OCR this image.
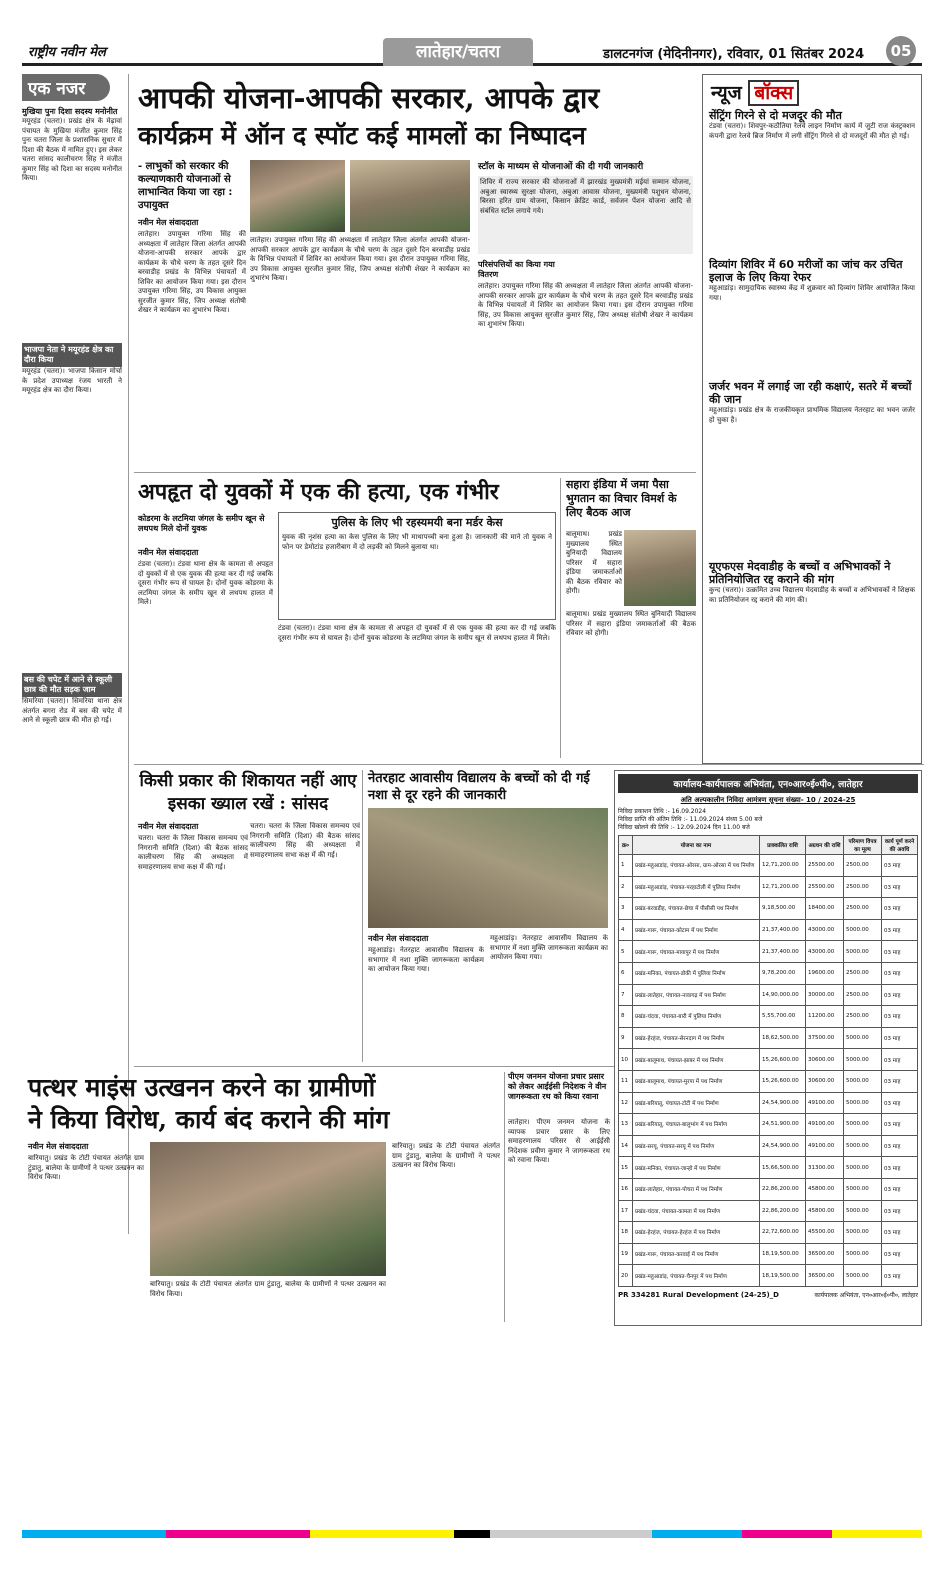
राष्ट्रीय नवीन मेल	लातेहार/चतरा	डालटनगंज (मेदिनीनगर), रविवार, 01 सितंबर 2024	05
एक नजर
मुखिया पुनः दिशा सदस्य मनोनीत
मयूरहंड (चतरा)। प्रखंड क्षेत्र के मेढ़ावां पंचायत के मुखिया मंजीत कुमार सिंह पुनः चतरा जिला के प्रशासनिक सुधार में दिशा की बैठक में नामित हुए। इस लेकर चतरा सांसद कालीचरण सिंह ने मंजीत कुमार सिंह को दिशा का सदस्य मनोनीत किया।
भाजपा नेता ने मयूरहंड क्षेत्र का दौरा किया
मयूरहंड (चतरा)। भाजपा किसान मोर्चा के प्रदेश उपाध्यक्ष रंजय भारती ने मयूरहंड क्षेत्र का दौरा किया।
बस की चपेट में आने से स्कूली छात्र की मौत सड़क जाम
सिमरिया (चतरा)। सिमरिया थाना क्षेत्र अंतर्गत बगरा रोड में बस की चपेट में आने से स्कूली छात्र की मौत हो गई।
आपकी योजना-आपकी सरकार, आपके द्वार
कार्यक्रम में ऑन द स्पॉट कई मामलों का निष्पादन
- लाभुकों को सरकार की कल्याणकारी योजनाओं से लाभान्वित किया जा रहा : उपायुक्त
नवीन मेल संवाददाता
लातेहार। उपायुक्त गरिमा सिंह की अध्यक्षता में लातेहार जिला अंतर्गत आपकी योजना-आपकी सरकार आपके द्वार कार्यक्रम के चौथे चरण के तहत दूसरे दिन बरवाडीह प्रखंड के विभिन्न पंचायतों में शिविर का आयोजन किया गया। इस दौरान उपायुक्त गरिमा सिंह, उप विकास आयुक्त सुरजीत कुमार सिंह, जिप अध्यक्ष संतोषी शेखर ने कार्यक्रम का शुभारंभ किया।
लातेहार। उपायुक्त गरिमा सिंह की अध्यक्षता में लातेहार जिला अंतर्गत आपकी योजना-आपकी सरकार आपके द्वार कार्यक्रम के चौथे चरण के तहत दूसरे दिन बरवाडीह प्रखंड के विभिन्न पंचायतों में शिविर का आयोजन किया गया। इस दौरान उपायुक्त गरिमा सिंह, उप विकास आयुक्त सुरजीत कुमार सिंह, जिप अध्यक्ष संतोषी शेखर ने कार्यक्रम का शुभारंभ किया।
स्टॉल के माध्यम से योजनाओं की दी गयी जानकारी
शिविर में राज्य सरकार की योजनाओं में झारखंड मुख्यमंत्री मईयां सम्मान योजना, अबुआ स्वास्थ्य सुरक्षा योजना, अबुआ आवास योजना, मुख्यमंत्री पशुधन योजना, बिरसा हरित ग्राम योजना, किसान क्रेडिट कार्ड, सर्वजन पेंशन योजना आदि से संबंधित स्टॉल लगाये गये।
परिसंपत्तियों का किया गया वितरण
लातेहार। उपायुक्त गरिमा सिंह की अध्यक्षता में लातेहार जिला अंतर्गत आपकी योजना-आपकी सरकार आपके द्वार कार्यक्रम के चौथे चरण के तहत दूसरे दिन बरवाडीह प्रखंड के विभिन्न पंचायतों में शिविर का आयोजन किया गया। इस दौरान उपायुक्त गरिमा सिंह, उप विकास आयुक्त सुरजीत कुमार सिंह, जिप अध्यक्ष संतोषी शेखर ने कार्यक्रम का शुभारंभ किया।
न्यूज बॉक्स
सेंट्रिंग गिरने से दो मजदूर की मौत
टंडवा (चतरा)। शिवपुर-कठौतिया रेलवे लाइन निर्माण कार्य में जुटी राज कंस्ट्रक्शन कंपनी द्वारा रेलवे ब्रिज निर्माण में लगी सेंट्रिंग गिरने से दो मजदूरों की मौत हो गई।
दिव्यांग शिविर में 60 मरीजों का जांच कर उचित इलाज के लिए किया रेफर
महुआडांड़। सामुदायिक स्वास्थ्य केंद्र में शुक्रवार को दिव्यांग शिविर आयोजित किया गया।
जर्जर भवन में लगाई जा रही कक्षाएं, सतरे में बच्चों की जान
महुआडांड़। प्रखंड क्षेत्र के राजकीयकृत प्राथमिक विद्यालय नेतरहाट का भवन जर्जर हो चुका है।
यूएफएस मेदवाडीह के बच्चों व अभिभावकों ने प्रतिनियोजित रद्द कराने की मांग
कुन्द (चतरा)। उत्क्रमित उच्च विद्यालय मेदवाडीह के बच्चों व अभिभावकों ने शिक्षक का प्रतिनियोजन रद्द कराने की मांग की।
अपहृत दो युवकों में एक की हत्या, एक गंभीर
कोडरमा के लटमिया जंगल के समीप खून से लथपथ मिले दोनों युवक
नवीन मेल संवाददाता
टंडवा (चतरा)। टंडवा थाना क्षेत्र के कामता से अपहृत दो युवकों में से एक युवक की हत्या कर दी गई जबकि दूसरा गंभीर रूप से घायल है। दोनों युवक कोडरमा के लटमिया जंगल के समीप खून से लथपथ हालत में मिले।
पुलिस के लिए भी रहस्यमयी बना मर्डर केस
युवक की नृशंस हत्या का केस पुलिस के लिए भी माथापच्ची बना हुआ है। जानकारी की माने तो युवक ने फोन पर डेमोटांड हजारीबाग में दो लड़की को मिलने बुलाया था।
टंडवा (चतरा)। टंडवा थाना क्षेत्र के कामता से अपहृत दो युवकों में से एक युवक की हत्या कर दी गई जबकि दूसरा गंभीर रूप से घायल है। दोनों युवक कोडरमा के लटमिया जंगल के समीप खून से लथपथ हालत में मिले।
सहारा इंडिया में जमा पैसा भुगतान का विचार विमर्श के लिए बैठक आज
बालूमाथ। प्रखंड मुख्यालय स्थित बुनियादी विद्यालय परिसर में सहारा इंडिया जमाकर्ताओं की बैठक रविवार को होगी।
बालूमाथ। प्रखंड मुख्यालय स्थित बुनियादी विद्यालय परिसर में सहारा इंडिया जमाकर्ताओं की बैठक रविवार को होगी।
किसी प्रकार की शिकायत नहीं आए इसका ख्याल रखें : सांसद
नवीन मेल संवाददाता
चतरा। चतरा के जिला विकास समन्वय एवं निगरानी समिति (दिशा) की बैठक सांसद कालीचरण सिंह की अध्यक्षता में समाहरणालय सभा कक्ष में की गई।
चतरा। चतरा के जिला विकास समन्वय एवं निगरानी समिति (दिशा) की बैठक सांसद कालीचरण सिंह की अध्यक्षता में समाहरणालय सभा कक्ष में की गई।
नेतरहाट आवासीय विद्यालय के बच्चों को दी गई नशा से दूर रहने की जानकारी
नवीन मेल संवाददाता
महुआडांड़। नेतरहाट आवासीय विद्यालय के सभागार में नशा मुक्ति जागरूकता कार्यक्रम का आयोजन किया गया।
महुआडांड़। नेतरहाट आवासीय विद्यालय के सभागार में नशा मुक्ति जागरूकता कार्यक्रम का आयोजन किया गया।
पत्थर माइंस उत्खनन करने का ग्रामीणों
ने किया विरोध, कार्य बंद कराने की मांग
नवीन मेल संवाददाता
बारियातु। प्रखंड के टोटी पंचायत अंतर्गत ग्राम टुंडातु, बालेया के ग्रामीणों ने पत्थर उत्खनन का विरोध किया।
बारियातु। प्रखंड के टोटी पंचायत अंतर्गत ग्राम टुंडातु, बालेया के ग्रामीणों ने पत्थर उत्खनन का विरोध किया।
बारियातु। प्रखंड के टोटी पंचायत अंतर्गत ग्राम टुंडातु, बालेया के ग्रामीणों ने पत्थर उत्खनन का विरोध किया।
पीएम जनमन योजना प्रचार प्रसार को लेकर आईईसी निदेशक ने वीन जागरूकता रथ को किया रवाना
लातेहार। पीएम जनमन योजना के व्यापक प्रचार प्रसार के लिए समाहरणालय परिसर से आईईसी निदेशक प्रवीण कुमार ने जागरूकता रथ को रवाना किया।
कार्यालय-कार्यपालक अभियंता, एन०आर०ई०पी०, लातेहार
अति अल्पकालीन निविदा आमंत्रण सूचना संख्या- 10 / 2024-25
निविदा प्रकाशन तिथि :- 16.09.2024
निविदा प्राप्ति की अंतिम तिथि :- 11.09.2024 संध्या 5.00 बजे
निविदा खोलने की तिथि :- 12.09.2024 दिन 11.00 बजे
क्र०	योजना का नाम	प्राक्कलित राशि	अग्रधन की राशि	परिमाण विपत्र का मूल्य	कार्य पूर्ण करने की अवधि
1	प्रखंड-महुआडांड़, पंचायत-ओरसा, ग्राम-ओरसा में पथ निर्माण	12,71,200.00	25500.00	2500.00	03 माह
2	प्रखंड-महुआडांड़, पंचायत-परहाटोली में पुलिया निर्माण	12,71,200.00	25500.00	2500.00	03 माह
3	प्रखंड-बरवाडीह, पंचायत-छेचा में पीसीसी पथ निर्माण	9,18,500.00	18400.00	2500.00	03 माह
4	प्रखंड-गारू, पंचायत-कोटाम में पथ निर्माण	21,37,400.00	43000.00	5000.00	03 माह
5	प्रखंड-गारू, पंचायत-मायापुर में पथ निर्माण	21,37,400.00	43000.00	5000.00	03 माह
6	प्रखंड-मनिका, पंचायत-डोकी में पुलिया निर्माण	9,78,200.00	19600.00	2500.00	03 माह
7	प्रखंड-लातेहार, पंचायत-नावागढ़ में पथ निर्माण	14,90,000.00	30000.00	2500.00	03 माह
8	प्रखंड-चंदवा, पंचायत-बारी में पुलिया निर्माण	5,55,700.00	11200.00	2500.00	03 माह
9	प्रखंड-हेरहंज, पंचायत-सेरनदाग में पथ निर्माण	18,62,500.00	37500.00	5000.00	03 माह
10	प्रखंड-बालूमाथ, पंचायत-झाबर में पथ निर्माण	15,26,600.00	30600.00	5000.00	03 माह
11	प्रखंड-बालूमाथ, पंचायत-मुरपा में पथ निर्माण	15,26,600.00	30600.00	5000.00	03 माह
12	प्रखंड-बरियातू, पंचायत-टोटी में पथ निर्माण	24,54,900.00	49100.00	5000.00	03 माह
13	प्रखंड-बरियातू, पंचायत-बालुभांग में पथ निर्माण	24,51,900.00	49100.00	5000.00	03 माह
14	प्रखंड-सरयू, पंचायत-सरयू में पथ निर्माण	24,54,900.00	49100.00	5000.00	03 माह
15	प्रखंड-मनिका, पंचायत-जान्हो में पथ निर्माण	15,66,500.00	31300.00	5000.00	03 माह
16	प्रखंड-लातेहार, पंचायत-पोचरा में पथ निर्माण	22,86,200.00	45800.00	5000.00	03 माह
17	प्रखंड-चंदवा, पंचायत-कामता में पथ निर्माण	22,86,200.00	45800.00	5000.00	03 माह
18	प्रखंड-हेरहंज, पंचायत-हेरहंज में पथ निर्माण	22,72,600.00	45500.00	5000.00	03 माह
19	प्रखंड-गारू, पंचायत-करवाई में पथ निर्माण	18,19,500.00	36500.00	5000.00	03 माह
20	प्रखंड-महुआडांड़, पंचायत-चैनपुर में पथ निर्माण	18,19,500.00	36500.00	5000.00	03 माह
PR 334281 Rural Development (24-25)_D	कार्यपालक अभियंता, एन०आर०ई०पी०, लातेहार
